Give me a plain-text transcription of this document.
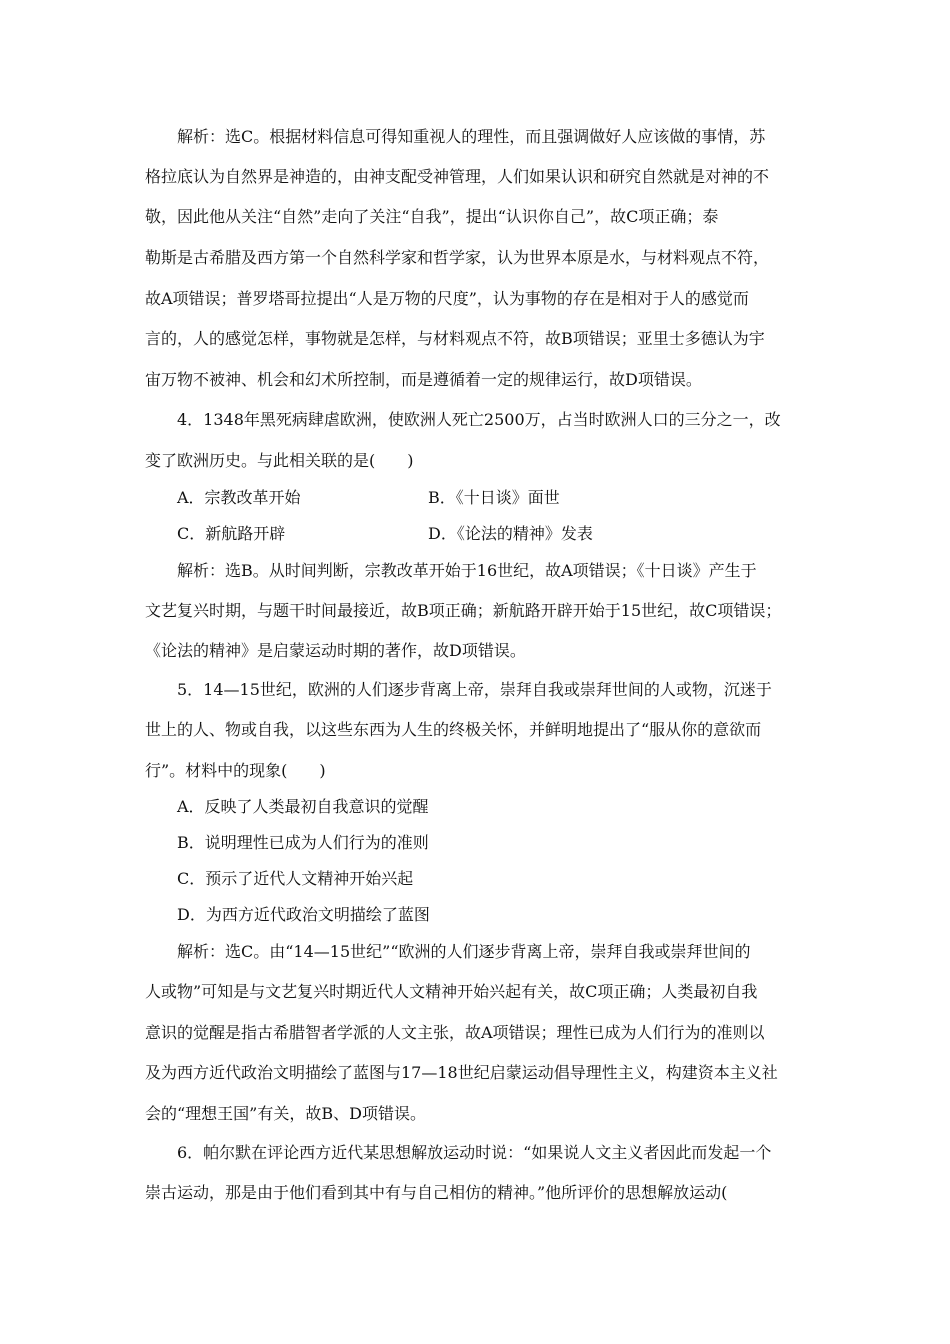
解析：选C。根据材料信息可得知重视人的理性，而且强调做好人应该做的事情，苏
格拉底认为自然界是神造的，由神支配受神管理，人们如果认识和研究自然就是对神的不
敬，因此他从关注“自然”走向了关注“自我”，提出“认识你自己”，故C项正确；泰
勒斯是古希腊及西方第一个自然科学家和哲学家，认为世界本原是水，与材料观点不符，
故A项错误；普罗塔哥拉提出“人是万物的尺度”，认为事物的存在是相对于人的感觉而
言的，人的感觉怎样，事物就是怎样，与材料观点不符，故B项错误；亚里士多德认为宇
宙万物不被神、机会和幻术所控制，而是遵循着一定的规律运行，故D项错误。
4．1348年黑死病肆虐欧洲，使欧洲人死亡2500万，占当时欧洲人口的三分之一，改
变了欧洲历史。与此相关联的是(　　)
A．宗教改革开始	B．《十日谈》面世
C．新航路开辟	D．《论法的精神》发表
解析：选B。从时间判断，宗教改革开始于16世纪，故A项错误；《十日谈》产生于
文艺复兴时期，与题干时间最接近，故B项正确；新航路开辟开始于15世纪，故C项错误；
《论法的精神》是启蒙运动时期的著作，故D项错误。
5．14—15世纪，欧洲的人们逐步背离上帝，崇拜自我或崇拜世间的人或物，沉迷于
世上的人、物或自我，以这些东西为人生的终极关怀，并鲜明地提出了“服从你的意欲而
行”。材料中的现象(　　)
A．反映了人类最初自我意识的觉醒
B．说明理性已成为人们行为的准则
C．预示了近代人文精神开始兴起
D．为西方近代政治文明描绘了蓝图
解析：选C。由“14—15世纪”“欧洲的人们逐步背离上帝，崇拜自我或崇拜世间的
人或物”可知是与文艺复兴时期近代人文精神开始兴起有关，故C项正确；人类最初自我
意识的觉醒是指古希腊智者学派的人文主张，故A项错误；理性已成为人们行为的准则以
及为西方近代政治文明描绘了蓝图与17—18世纪启蒙运动倡导理性主义，构建资本主义社
会的“理想王国”有关，故B、D项错误。
6．帕尔默在评论西方近代某思想解放运动时说：“如果说人文主义者因此而发起一个
崇古运动，那是由于他们看到其中有与自己相仿的精神。”他所评价的思想解放运动(
